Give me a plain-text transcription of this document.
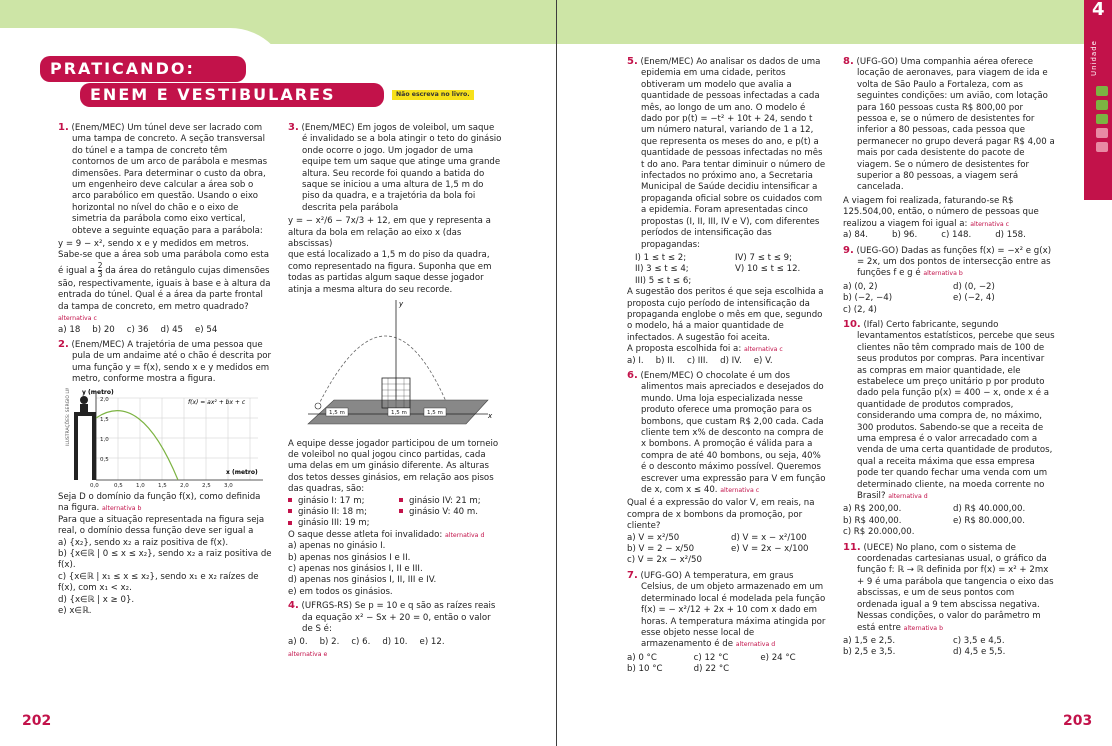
PRATICANDO:
ENEM E VESTIBULARES	Não escreva no livro.

1. (Enem/MEC) Um túnel deve ser lacrado com uma tampa de concreto. A seção transversal do túnel e a tampa de concreto têm contornos de um arco de parábola e mesmas dimensões. Para determinar o custo da obra, um engenheiro deve calcular a área sob o arco parabólico em questão. Usando o eixo horizontal no nível do chão e o eixo de simetria da parábola como eixo vertical, obteve a seguinte equação para a parábola:

y = 9 − x², sendo x e y medidos em metros.

Sabe-se que a área sob uma parábola como esta é igual a $\frac{2}{3}$ da área do retângulo cujas dimensões são, respectivamente, iguais à base e à altura da entrada do túnel. Qual é a área da parte frontal da tampa de concreto, em metro quadrado? alternativa c

a) 18 b) 20 c) 36 d) 45 e) 54

2. (Enem/MEC) A trajetória de uma pessoa que pula de um andaime até o chão é descrita por uma função y = f(x), sendo x e y medidos em metro, conforme mostra a figura.

ILUSTRAÇÕES: SERGIO LIMA y (metro)
x (metro)
f(x) = ax² + bx + c
2,0
1,5
1,0
0,5
0,0	0,5 1,0 1,5 2,0 2,5 3,0

Seja D o domínio da função f(x), como definida na figura. alternativa b

Para que a situação representada na figura seja real, o domínio dessa função deve ser igual a

a) {x₂}, sendo x₂ a raiz positiva de f(x).

b) {x∈ℝ | 0 ≤ x ≤ x₂}, sendo x₂ a raiz positiva de f(x).

c) {x∈ℝ | x₁ ≤ x ≤ x₂}, sendo x₁ e x₂ raízes de f(x), com x₁ < x₂.

d) {x∈ℝ | x ≥ 0}.

e) x∈ℝ.

3. (Enem/MEC) Em jogos de voleibol, um saque é invalidado se a bola atingir o teto do ginásio onde ocorre o jogo. Um jogador de uma equipe tem um saque que atinge uma grande altura. Seu recorde foi quando a batida do saque se iniciou a uma altura de 1,5 m do piso da quadra, e a trajetória da bola foi descrita pela parábola

y = − x²/6 − 7x/3 + 12, em que y representa a altura da bola em relação ao eixo x (das abscissas)

que está localizado a 1,5 m do piso da quadra, como representado na figura. Suponha que em todas as partidas algum saque desse jogador atinja a mesma altura do seu recorde.

y
x
1,5 m	1,5 m	1,5 m

A equipe desse jogador participou de um torneio de voleibol no qual jogou cinco partidas, cada uma delas em um ginásio diferente. As alturas dos tetos desses ginásios, em relação aos pisos das quadras, são:

ginásio I: 17 m;	ginásio IV: 21 m;
ginásio II: 18 m;	ginásio V: 40 m.
ginásio III: 19 m;

O saque desse atleta foi invalidado: alternativa d

a) apenas no ginásio I.

b) apenas nos ginásios I e II.

c) apenas nos ginásios I, II e III.

d) apenas nos ginásios I, II, III e IV.

e) em todos os ginásios.

4. (UFRGS-RS) Se p = 10 e q são as raízes reais da equação x² − Sx + 20 = 0, então o valor de S é:

a) 0. b) 2. c) 6. d) 10. e) 12.
alternativa e
202
4
Unidade

5. (Enem/MEC) Ao analisar os dados de uma epidemia em uma cidade, peritos obtiveram um modelo que avalia a quantidade de pessoas infectadas a cada mês, ao longo de um ano. O modelo é dado por p(t) = −t² + 10t + 24, sendo t um número natural, variando de 1 a 12, que representa os meses do ano, e p(t) a quantidade de pessoas infectadas no mês t do ano. Para tentar diminuir o número de infectados no próximo ano, a Secretaria Municipal de Saúde decidiu intensificar a propaganda oficial sobre os cuidados com a epidemia. Foram apresentadas cinco propostas (I, II, III, IV e V), com diferentes períodos de intensificação das propagandas:

I) 1 ≤ t ≤ 2;	IV) 7 ≤ t ≤ 9;
II) 3 ≤ t ≤ 4;	V) 10 ≤ t ≤ 12.
III) 5 ≤ t ≤ 6;

A sugestão dos peritos é que seja escolhida a proposta cujo período de intensificação da propaganda englobe o mês em que, segundo o modelo, há a maior quantidade de infectados. A sugestão foi aceita.

A proposta escolhida foi a: alternativa c

a) I. b) II. c) III. d) IV. e) V.

6. (Enem/MEC) O chocolate é um dos alimentos mais apreciados e desejados do mundo. Uma loja especializada nesse produto oferece uma promoção para os bombons, que custam R$ 2,00 cada. Cada cliente tem x% de desconto na compra de x bombons. A promoção é válida para a compra de até 40 bombons, ou seja, 40% é o desconto máximo possível. Queremos escrever uma expressão para V em função de x, com x ≤ 40. alternativa c

Qual é a expressão do valor V, em reais, na compra de x bombons da promoção, por cliente?

a) V = x²/50	d) V = x − x²/100
b) V = 2 − x/50	e) V = 2x − x/100
c) V = 2x − x²/50

7. (UFG-GO) A temperatura, em graus Celsius, de um objeto armazenado em um determinado local é modelada pela função f(x) = − x²/12 + 2x + 10 com x dado em horas. A temperatura máxima atingida por esse objeto nesse local de armazenamento é de alternativa d

a) 0 °C	c) 12 °C	e) 24 °C
b) 10 °C	d) 22 °C

8. (UFG-GO) Uma companhia aérea oferece locação de aeronaves, para viagem de ida e volta de São Paulo a Fortaleza, com as seguintes condições: um avião, com lotação para 160 pessoas custa R$ 800,00 por pessoa e, se o número de desistentes for inferior a 80 pessoas, cada pessoa que permanecer no grupo deverá pagar R$ 4,00 a mais por cada desistente do pacote de viagem. Se o número de desistentes for superior a 80 pessoas, a viagem será cancelada.

A viagem foi realizada, faturando-se R$ 125.504,00, então, o número de pessoas que realizou a viagem foi igual a: alternativa c

a) 84.	b) 96.	c) 148.	d) 158.

9. (UEG-GO) Dadas as funções f(x) = −x² e g(x) = 2x, um dos pontos de intersecção entre as funções f e g é alternativa b

a) (0, 2)	d) (0, −2)
b) (−2, −4)	e) (−2, 4)
c) (2, 4)

10. (Ifal) Certo fabricante, segundo levantamentos estatísticos, percebe que seus clientes não têm comprado mais de 100 de seus produtos por compras. Para incentivar as compras em maior quantidade, ele estabelece um preço unitário p por produto dado pela função p(x) = 400 − x, onde x é a quantidade de produtos comprados, considerando uma compra de, no máximo, 300 produtos. Sabendo-se que a receita de uma empresa é o valor arrecadado com a venda de uma certa quantidade de produtos, qual a receita máxima que essa empresa pode ter quando fechar uma venda com um determinado cliente, na moeda corrente no Brasil? alternativa d

a) R$ 200,00.	d) R$ 40.000,00.
b) R$ 400,00.	e) R$ 80.000,00.
c) R$ 20.000,00.

11. (UECE) No plano, com o sistema de coordenadas cartesianas usual, o gráfico da função f: ℝ → ℝ definida por f(x) = x² + 2mx + 9 é uma parábola que tangencia o eixo das abscissas, e um de seus pontos com ordenada igual a 9 tem abscissa negativa. Nessas condições, o valor do parâmetro m está entre alternativa b

a) 1,5 e 2,5.	c) 3,5 e 4,5.
b) 2,5 e 3,5.	d) 4,5 e 5,5.
203
